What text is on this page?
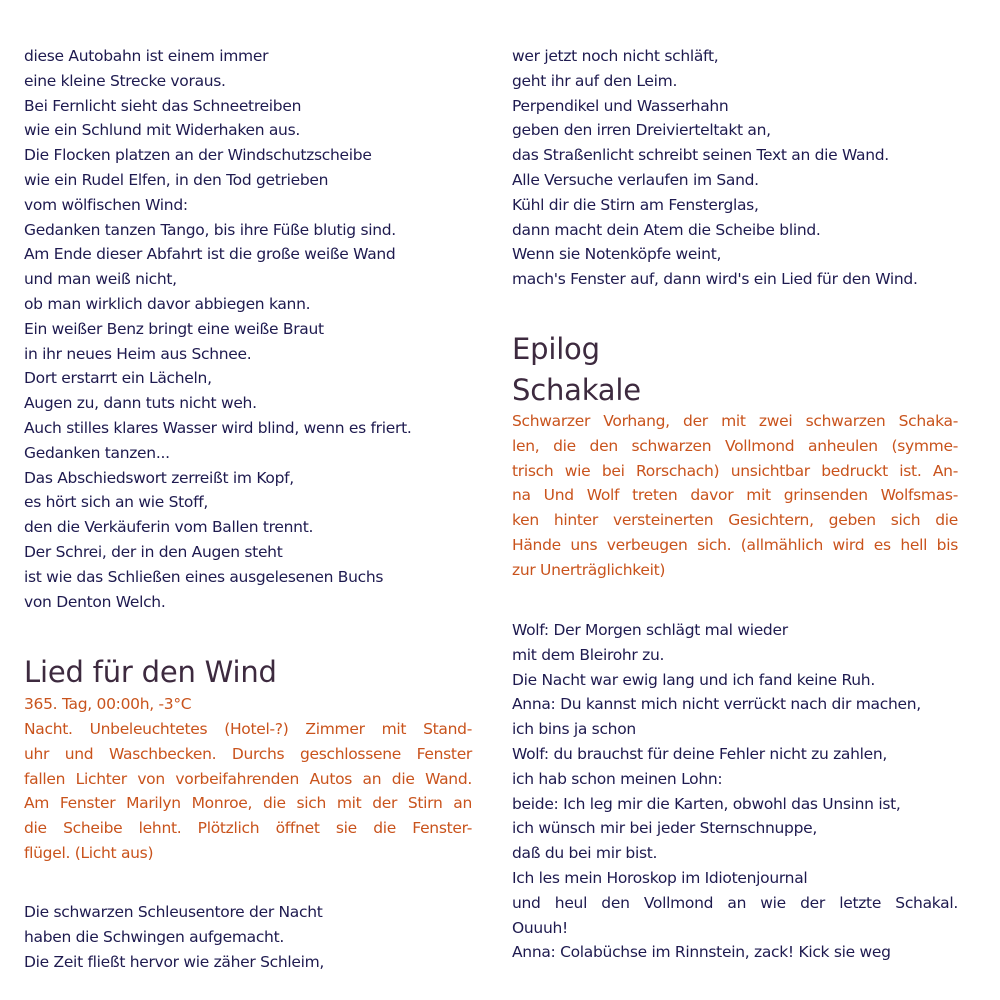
diese Autobahn ist einem immer
eine kleine Strecke voraus.
Bei Fernlicht sieht das Schneetreiben
wie ein Schlund mit Widerhaken aus.
Die Flocken platzen an der Windschutzscheibe
wie ein Rudel Elfen, in den Tod getrieben
vom wölfischen Wind:
Gedanken tanzen Tango, bis ihre Füße blutig sind.
Am Ende dieser Abfahrt ist die große weiße Wand
und man weiß nicht,
ob man wirklich davor abbiegen kann.
Ein weißer Benz bringt eine weiße Braut
in ihr neues Heim aus Schnee.
Dort erstarrt ein Lächeln,
Augen zu, dann tuts nicht weh.
Auch stilles klares Wasser wird blind, wenn es friert.
Gedanken tanzen...
Das Abschiedswort zerreißt im Kopf,
es hört sich an wie Stoff,
den die Verkäuferin vom Ballen trennt.
Der Schrei, der in den Augen steht
ist wie das Schließen eines ausgelesenen Buchs
von Denton Welch.
Lied für den Wind
365. Tag, 00:00h, -3°C
Nacht. Unbeleuchtetes (Hotel-?) Zimmer mit Stand-
uhr und Waschbecken. Durchs geschlossene Fenster
fallen Lichter von vorbeifahrenden Autos an die Wand.
Am Fenster Marilyn Monroe, die sich mit der Stirn an
die Scheibe lehnt. Plötzlich öffnet sie die Fenster-
flügel. (Licht aus)
Die schwarzen Schleusentore der Nacht
haben die Schwingen aufgemacht.
Die Zeit fließt hervor wie zäher Schleim,
wer jetzt noch nicht schläft,
geht ihr auf den Leim.
Perpendikel und Wasserhahn
geben den irren Dreivierteltakt an,
das Straßenlicht schreibt seinen Text an die Wand.
Alle Versuche verlaufen im Sand.
Kühl dir die Stirn am Fensterglas,
dann macht dein Atem die Scheibe blind.
Wenn sie Notenköpfe weint,
mach's Fenster auf, dann wird's ein Lied für den Wind.
Epilog
Schakale
Schwarzer Vorhang, der mit zwei schwarzen Schaka-
len, die den schwarzen Vollmond anheulen (symme-
trisch wie bei Rorschach) unsichtbar bedruckt ist. An-
na Und Wolf treten davor mit grinsenden Wolfsmas-
ken hinter versteinerten Gesichtern, geben sich die
Hände uns verbeugen sich. (allmählich wird es hell bis
zur Unerträglichkeit)
Wolf: Der Morgen schlägt mal wieder
mit dem Bleirohr zu.
Die Nacht war ewig lang und ich fand keine Ruh.
Anna: Du kannst mich nicht verrückt nach dir machen,
ich bins ja schon
Wolf: du brauchst für deine Fehler nicht zu zahlen,
ich hab schon meinen Lohn:
beide: Ich leg mir die Karten, obwohl das Unsinn ist,
ich wünsch mir bei jeder Sternschnuppe,
daß du bei mir bist.
Ich les mein Horoskop im Idiotenjournal
und heul den Vollmond an wie der letzte Schakal.
Ouuuh!
Anna: Colabüchse im Rinnstein, zack! Kick sie weg
